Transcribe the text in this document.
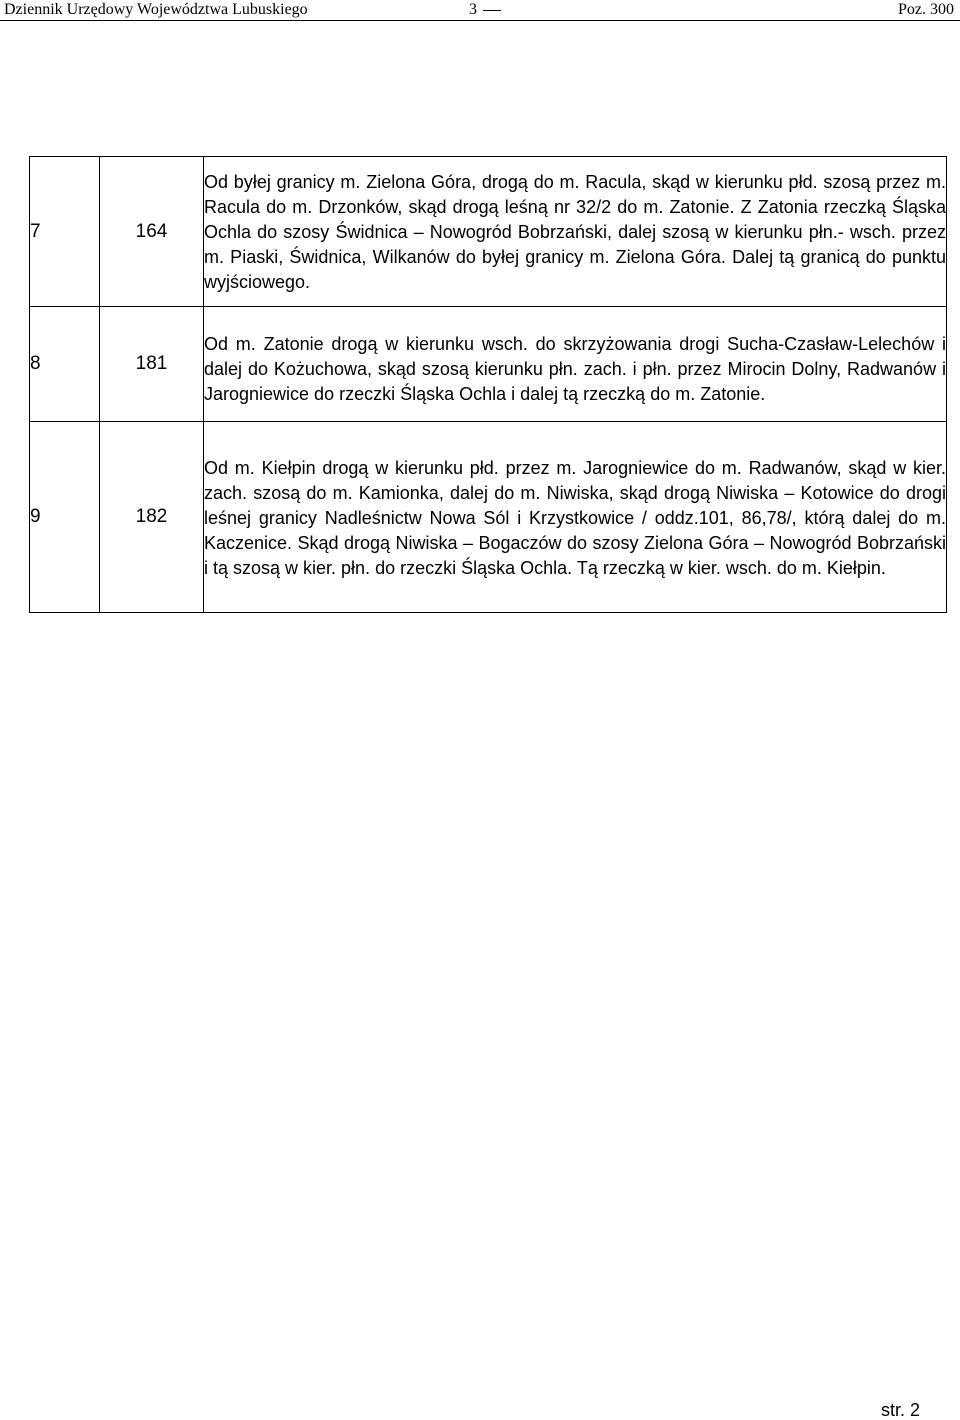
Dziennik Urzędowy Województwa Lubuskiego	3	Poz. 300
7	164	Od byłej granicy m. Zielona Góra, drogą do m. Racula, skąd w kierunku płd. szosą przez m. Racula do m. Drzonków, skąd drogą leśną nr 32/2 do m. Zatonie. Z Zatonia rzeczką Śląska Ochla do szosy Świdnica – Nowogród Bobrzański, dalej szosą w kierunku płn.- wsch. przez m. Piaski, Świdnica, Wilkanów do byłej granicy m. Zielona Góra. Dalej tą granicą do punktu wyjściowego.

8	181	Od m. Zatonie drogą w kierunku wsch. do skrzyżowania drogi Sucha-Czasław-Lelechów i dalej do Kożuchowa, skąd szosą kierunku płn. zach. i płn. przez Mirocin Dolny, Radwanów i Jarogniewice do rzeczki Śląska Ochla i dalej tą rzeczką do m. Zatonie.

9	182	Od m. Kiełpin drogą w kierunku płd. przez m. Jarogniewice do m. Radwanów, skąd w kier. zach. szosą do m. Kamionka, dalej do m. Niwiska, skąd drogą Niwiska – Kotowice do drogi leśnej granicy Nadleśnictw Nowa Sól i Krzystkowice / oddz.101, 86,78/, którą dalej do m. Kaczenice. Skąd drogą Niwiska – Bogaczów do szosy Zielona Góra – Nowogród Bobrzański i tą szosą w kier. płn. do rzeczki Śląska Ochla. Tą rzeczką w kier. wsch. do m. Kiełpin.

str. 2
